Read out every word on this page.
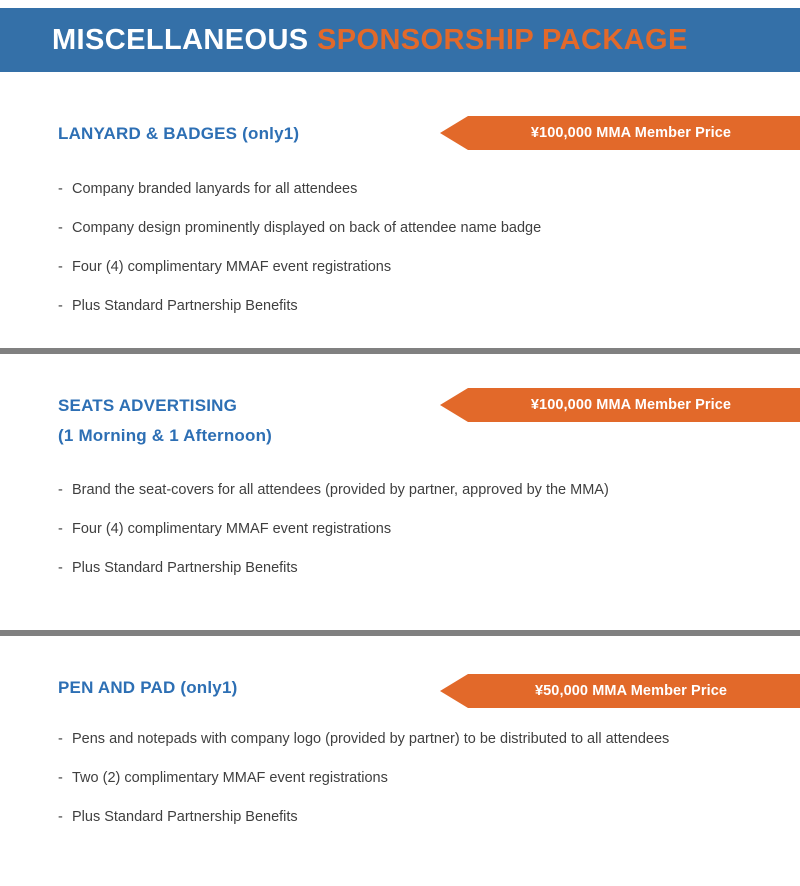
MISCELLANEOUS SPONSORSHIP PACKAGE
LANYARD & BADGES (only1)	¥100,000 MMA Member Price
- Company branded lanyards for all attendees
- Company design prominently displayed on back of attendee name badge
- Four (4) complimentary MMAF event registrations
- Plus Standard Partnership Benefits
SEATS ADVERTISING
(1 Morning & 1 Afternoon)
¥100,000 MMA Member Price
- Brand the seat-covers for all attendees (provided by partner, approved by the MMA)
- Four (4) complimentary MMAF event registrations
- Plus Standard Partnership Benefits
PEN AND PAD (only1)	¥50,000 MMA Member Price
- Pens and notepads with company logo (provided by partner) to be distributed to all attendees
- Two (2) complimentary MMAF event registrations
- Plus Standard Partnership Benefits
